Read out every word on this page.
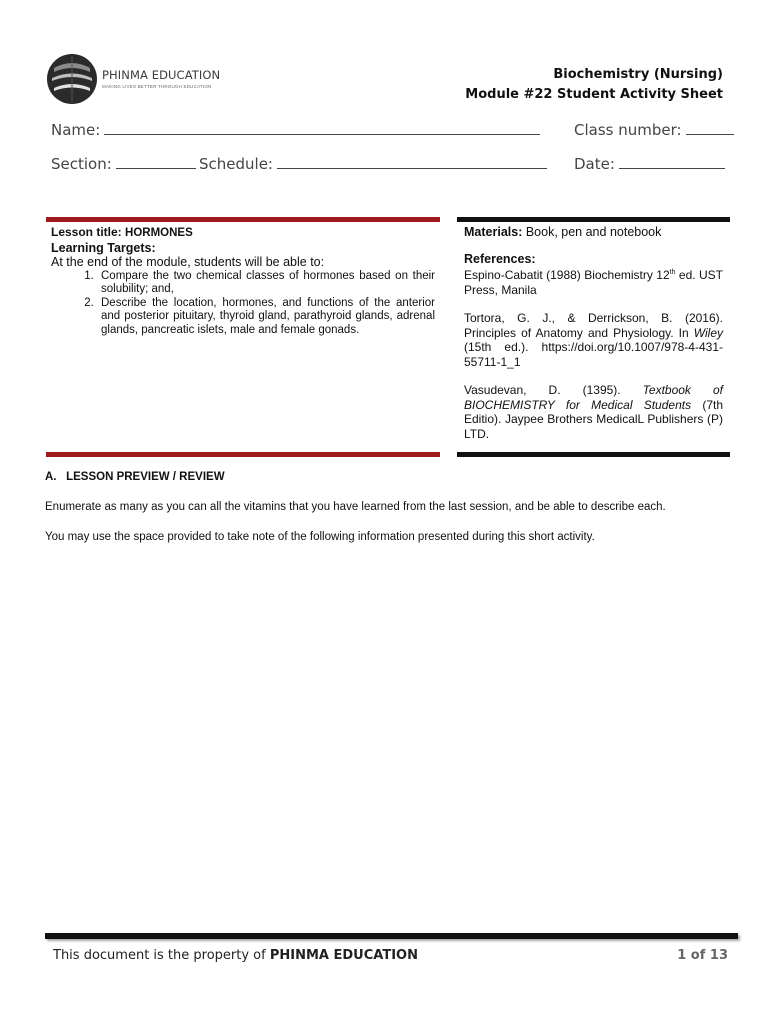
PHINMA EDUCATION
MAKING LIVES BETTER THROUGH EDUCATION
Biochemistry (Nursing)
Module #22 Student Activity Sheet
Name:	Class number:
Section:	Schedule:	Date:
Lesson title: HORMONES
Learning Targets:
At the end of the module, students will be able to:
1. Compare the two chemical classes of hormones based on their solubility; and,
2. Describe the location, hormones, and functions of the anterior and posterior pituitary, thyroid gland, parathyroid glands, adrenal glands, pancreatic islets, male and female gonads.
Materials: Book, pen and notebook
References:
Espino-Cabatit (1988) Biochemistry 12th ed. UST Press, Manila
Tortora, G. J., & Derrickson, B. (2016). Principles of Anatomy and Physiology. In Wiley (15th ed.). https://doi.org/10.1007/978-4-431-55711-1_1
Vasudevan, D. (1395). Textbook of BIOCHEMISTRY for Medical Students (7th Editio). Jaypee Brothers MedicalL Publishers (P) LTD.
A.   LESSON PREVIEW / REVIEW
Enumerate as many as you can all the vitamins that you have learned from the last session, and be able to describe each.
You may use the space provided to take note of the following information presented during this short activity.
This document is the property of PHINMA EDUCATION	1 of 13
